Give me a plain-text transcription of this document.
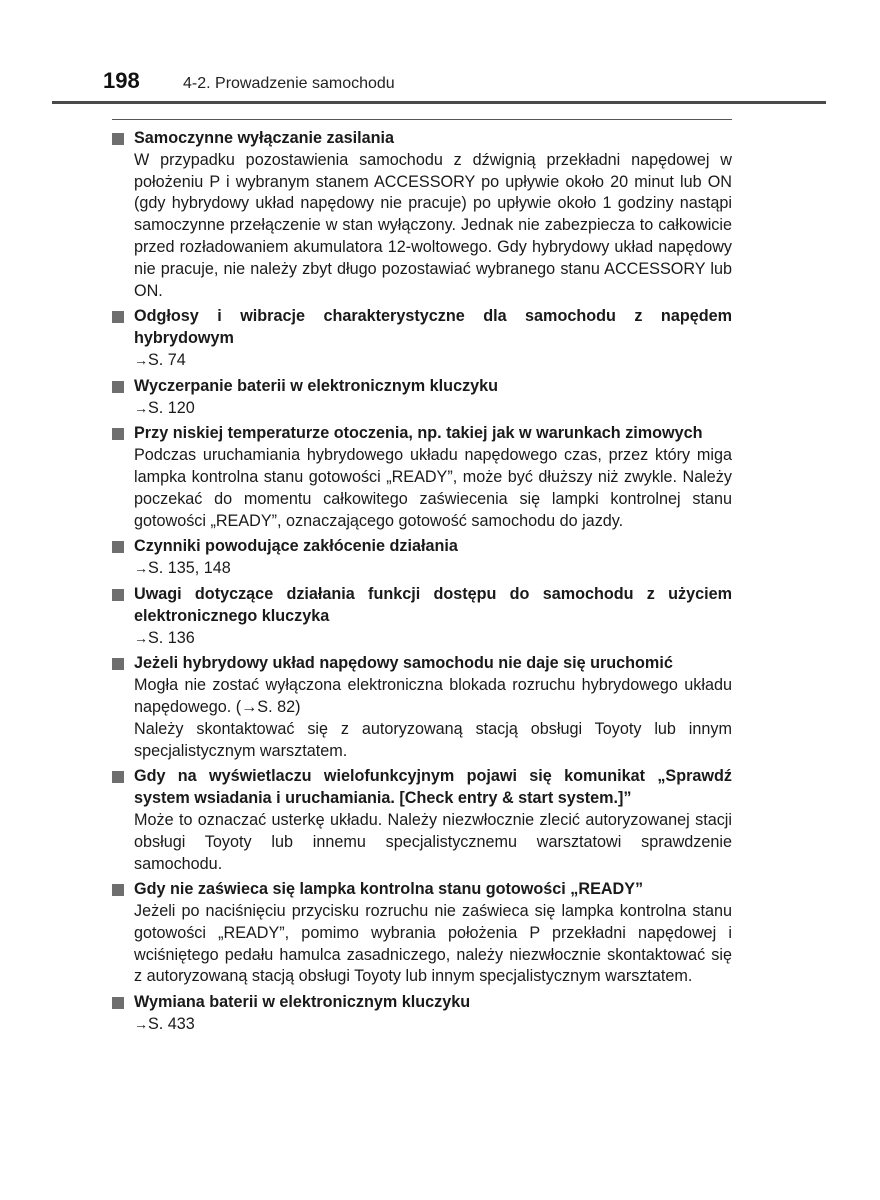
198	4-2. Prowadzenie samochodu
Samoczynne wyłączanie zasilania

W przypadku pozostawienia samochodu z dźwignią przekładni napędowej w położeniu P i wybranym stanem ACCESSORY po upływie około 20 minut lub ON (gdy hybrydowy układ napędowy nie pracuje) po upływie około 1 godziny nastąpi samoczynne przełączenie w stan wyłączony. Jednak nie zabezpiecza to całkowicie przed rozładowaniem akumulatora 12-woltowego. Gdy hybrydowy układ napędowy nie pracuje, nie należy zbyt długo pozostawiać wybranego stanu ACCESSORY lub ON.

Odgłosy i wibracje charakterystyczne dla samochodu z napędem hybrydowym
→S. 74
Wyczerpanie baterii w elektronicznym kluczyku
→S. 120
Przy niskiej temperaturze otoczenia, np. takiej jak w warunkach zimowych

Podczas uruchamiania hybrydowego układu napędowego czas, przez który miga lampka kontrolna stanu gotowości „READY”, może być dłuższy niż zwykle. Należy poczekać do momentu całkowitego zaświecenia się lampki kontrolnej stanu gotowości „READY”, oznaczającego gotowość samochodu do jazdy.

Czynniki powodujące zakłócenie działania
→S. 135, 148
Uwagi dotyczące działania funkcji dostępu do samochodu z użyciem elektronicznego kluczyka
→S. 136
Jeżeli hybrydowy układ napędowy samochodu nie daje się uruchomić

Mogła nie zostać wyłączona elektroniczna blokada rozruchu hybrydowego układu napędowego. (→S. 82)

Należy skontaktować się z autoryzowaną stacją obsługi Toyoty lub innym specjalistycznym warsztatem.

Gdy na wyświetlaczu wielofunkcyjnym pojawi się komunikat „Sprawdź system wsiadania i uruchamiania. [Check entry & start system.]”

Może to oznaczać usterkę układu. Należy niezwłocznie zlecić autoryzowanej stacji obsługi Toyoty lub innemu specjalistycznemu warsztatowi sprawdzenie samochodu.

Gdy nie zaświeca się lampka kontrolna stanu gotowości „READY”

Jeżeli po naciśnięciu przycisku rozruchu nie zaświeca się lampka kontrolna stanu gotowości „READY”, pomimo wybrania położenia P przekładni napędowej i wciśniętego pedału hamulca zasadniczego, należy niezwłocznie skontaktować się z autoryzowaną stacją obsługi Toyoty lub innym specjalistycznym warsztatem.

Wymiana baterii w elektronicznym kluczyku
→S. 433
